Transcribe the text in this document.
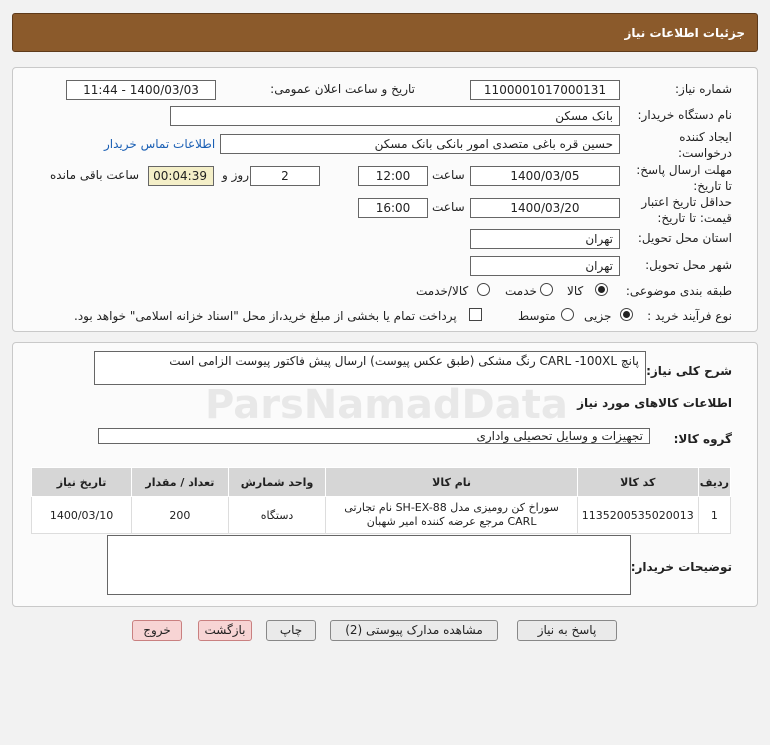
جزئیات اطلاعات نیاز
شماره نیاز:
1100001017000131
تاریخ و ساعت اعلان عمومی:
1400/03/03 - 11:44
نام دستگاه خریدار:
بانک مسکن
ایجاد کننده درخواست:
حسین قره باغی متصدی امور بانکی بانک مسکن
اطلاعات تماس خریدار
مهلت ارسال پاسخ: تا تاریخ:
1400/03/05
ساعت
12:00
2
روز و
00:04:39
ساعت باقی مانده
حداقل تاریخ اعتبار قیمت: تا تاریخ:
1400/03/20
ساعت
16:00
استان محل تحویل:
تهران
شهر محل تحویل:
تهران
طبقه بندی موضوعی:
کالا
خدمت
کالا/خدمت
نوع فرآیند خرید :
جزیی
متوسط
پرداخت تمام یا بخشی از مبلغ خرید،از محل "اسناد خزانه اسلامی" خواهد بود.
شرح کلی نیاز:
پانچ CARL -100XL رنگ مشکی (طبق عکس پیوست) ارسال پیش فاکتور پیوست الزامی است
اطلاعات کالاهای مورد نیاز
گروه کالا:
تجهیزات و وسایل تحصیلی واداری
ردیف	کد کالا	نام کالا	واحد شمارش	تعداد / مقدار	تاریخ نیاز
1	1135200535020013	سوراخ کن رومیزی مدل SH-EX-88 نام تجارتی CARL مرجع عرضه کننده امیر شهبان	دستگاه	200	1400/03/10
توضیحات خریدار:
پاسخ به نیاز
مشاهده مدارک پیوستی (2)
چاپ
بازگشت
خروج
